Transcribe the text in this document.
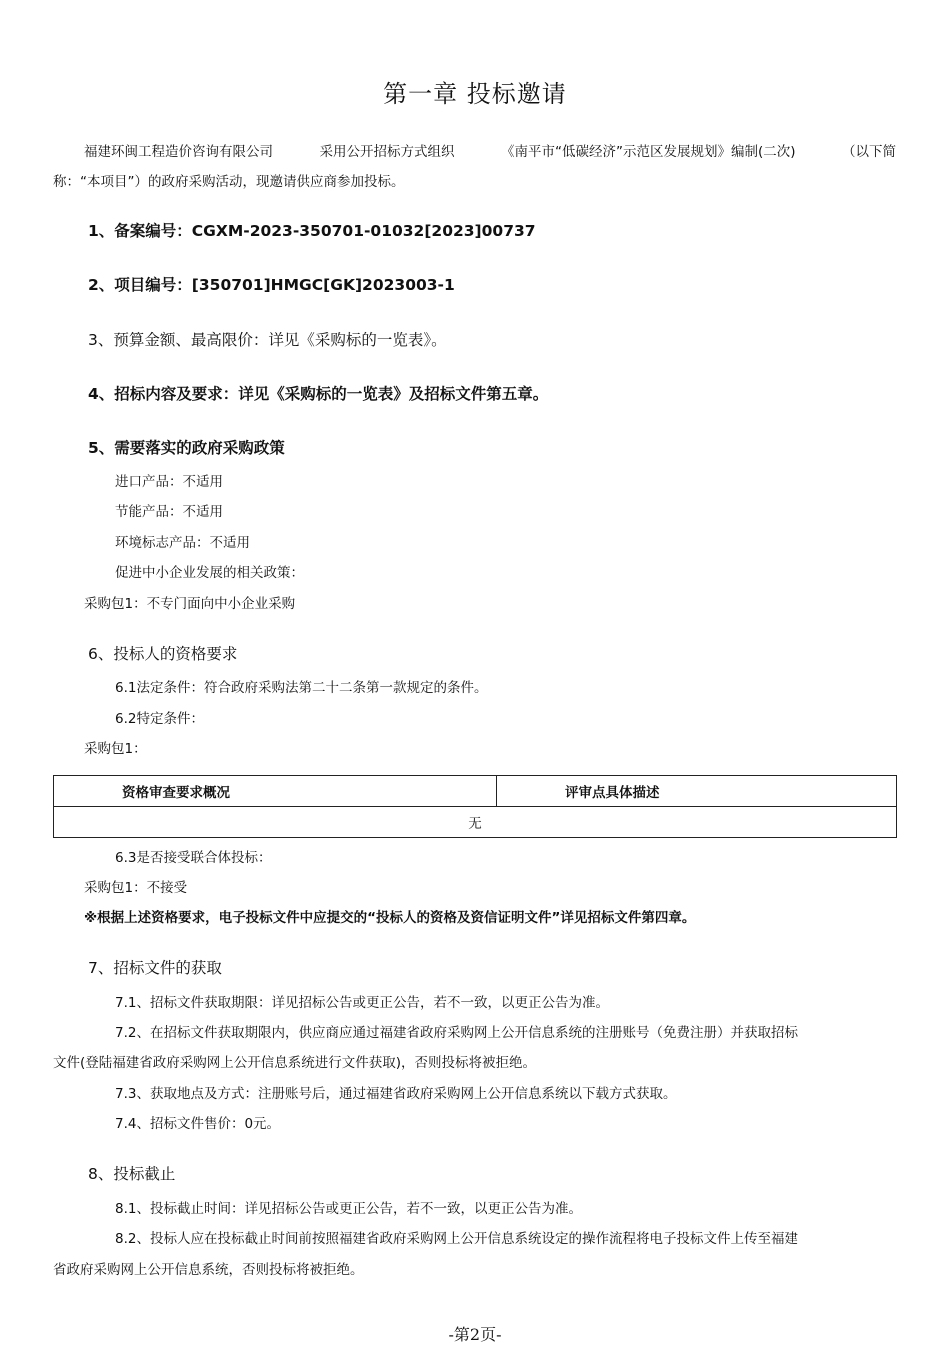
第一章 投标邀请
福建环闽工程造价咨询有限公司	采用公开招标方式组织	《南平市“低碳经济”示范区发展规划》编制(二次)	（以下简
称：“本项目”）的政府采购活动，现邀请供应商参加投标。
1、备案编号：CGXM-2023-350701-01032[2023]00737
2、项目编号：[350701]HMGC[GK]2023003-1
3、预算金额、最高限价：详见《采购标的一览表》。
4、招标内容及要求：详见《采购标的一览表》及招标文件第五章。
5、需要落实的政府采购政策
进口产品：不适用
节能产品：不适用
环境标志产品：不适用
促进中小企业发展的相关政策：
采购包1：不专门面向中小企业采购
6、投标人的资格要求
6.1法定条件：符合政府采购法第二十二条第一款规定的条件。
6.2特定条件：
采购包1：
资格审查要求概况	评审点具体描述
无
6.3是否接受联合体投标：
采购包1：不接受
※根据上述资格要求，电子投标文件中应提交的“投标人的资格及资信证明文件”详见招标文件第四章。
7、招标文件的获取
7.1、招标文件获取期限：详见招标公告或更正公告，若不一致，以更正公告为准。
7.2、在招标文件获取期限内，供应商应通过福建省政府采购网上公开信息系统的注册账号（免费注册）并获取招标
文件(登陆福建省政府采购网上公开信息系统进行文件获取)，否则投标将被拒绝。
7.3、获取地点及方式：注册账号后，通过福建省政府采购网上公开信息系统以下载方式获取。
7.4、招标文件售价：0元。
8、投标截止
8.1、投标截止时间：详见招标公告或更正公告，若不一致，以更正公告为准。
8.2、投标人应在投标截止时间前按照福建省政府采购网上公开信息系统设定的操作流程将电子投标文件上传至福建
省政府采购网上公开信息系统，否则投标将被拒绝。
-第2页-
